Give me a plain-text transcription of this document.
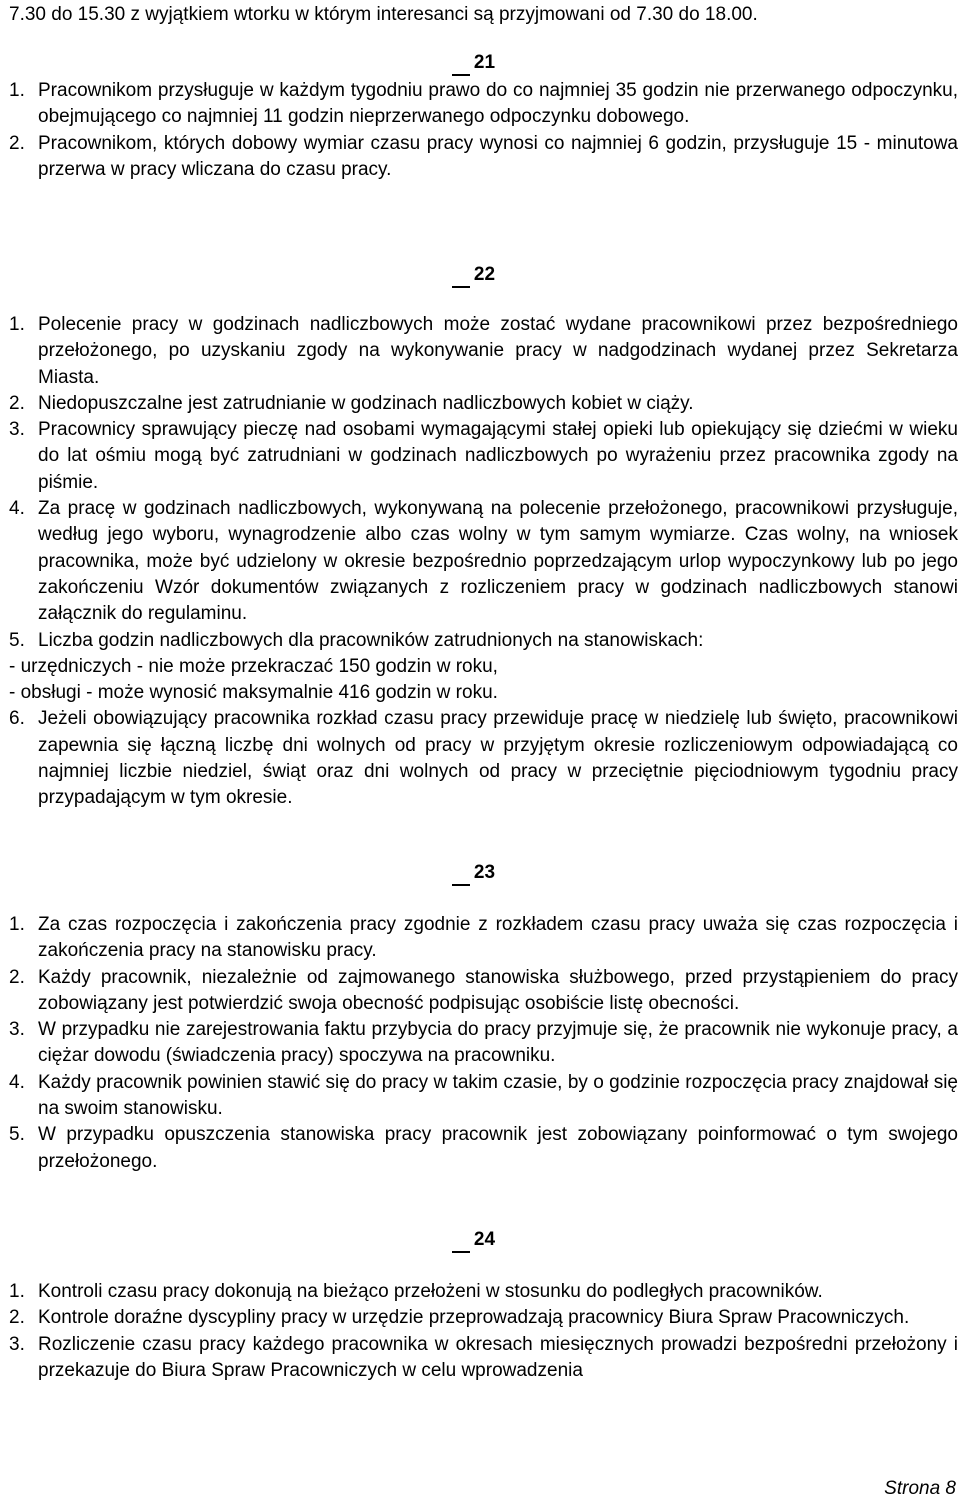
7.30 do 15.30 z wyjątkiem wtorku w którym interesanci są przyjmowani od 7.30 do 18.00.
21
1. Pracownikom przysługuje w każdym tygodniu prawo do co najmniej 35 godzin nie przerwanego odpoczynku, obejmującego co najmniej 11 godzin nieprzerwanego odpoczynku dobowego.
2. Pracownikom, których dobowy wymiar czasu pracy wynosi co najmniej 6 godzin, przysługuje 15 - minutowa przerwa w pracy wliczana do czasu pracy.
22
1. Polecenie pracy w godzinach nadliczbowych może zostać wydane pracownikowi przez bezpośredniego przełożonego, po uzyskaniu zgody na wykonywanie pracy w nadgodzinach wydanej przez Sekretarza Miasta.
2. Niedopuszczalne jest zatrudnianie w godzinach nadliczbowych kobiet w ciąży.
3. Pracownicy sprawujący pieczę nad osobami wymagającymi stałej opieki lub opiekujący się dziećmi w wieku do lat ośmiu mogą być zatrudniani w godzinach nadliczbowych po wyrażeniu przez pracownika zgody na piśmie.
4. Za pracę w godzinach nadliczbowych, wykonywaną na polecenie przełożonego, pracownikowi przysługuje, według jego wyboru, wynagrodzenie albo czas wolny w tym samym wymiarze. Czas wolny, na wniosek pracownika, może być udzielony w okresie bezpośrednio poprzedzającym urlop wypoczynkowy lub po jego zakończeniu Wzór dokumentów związanych z rozliczeniem pracy w godzinach nadliczbowych stanowi załącznik do regulaminu.
5. Liczba godzin nadliczbowych dla pracowników zatrudnionych na stanowiskach:
- urzędniczych - nie może przekraczać 150 godzin w roku,
- obsługi - może wynosić maksymalnie 416 godzin w roku.
6. Jeżeli obowiązujący pracownika rozkład czasu pracy przewiduje pracę w niedzielę lub święto, pracownikowi zapewnia się łączną liczbę dni wolnych od pracy w przyjętym okresie rozliczeniowym odpowiadającą co najmniej liczbie niedziel, świąt oraz dni wolnych od pracy w przeciętnie pięciodniowym tygodniu pracy przypadającym w tym okresie.
23
1. Za czas rozpoczęcia i zakończenia pracy zgodnie z rozkładem czasu pracy uważa się czas rozpoczęcia i zakończenia pracy na stanowisku pracy.
2. Każdy pracownik, niezależnie od zajmowanego stanowiska służbowego, przed przystąpieniem do pracy zobowiązany jest potwierdzić swoja obecność podpisując osobiście listę obecności.
3. W przypadku nie zarejestrowania faktu przybycia do pracy przyjmuje się, że pracownik nie wykonuje pracy, a ciężar dowodu (świadczenia pracy) spoczywa na pracowniku.
4. Każdy pracownik powinien stawić się do pracy w takim czasie, by o godzinie rozpoczęcia pracy znajdował się na swoim stanowisku.
5. W przypadku opuszczenia stanowiska pracy pracownik jest zobowiązany poinformować o tym swojego przełożonego.
24
1. Kontroli czasu pracy dokonują na bieżąco przełożeni w stosunku do podległych pracowników.
2. Kontrole doraźne dyscypliny pracy w urzędzie przeprowadzają pracownicy Biura Spraw Pracowniczych.
3. Rozliczenie czasu pracy każdego pracownika w okresach miesięcznych prowadzi bezpośredni przełożony i przekazuje do Biura Spraw Pracowniczych w celu wprowadzenia
Strona 8
